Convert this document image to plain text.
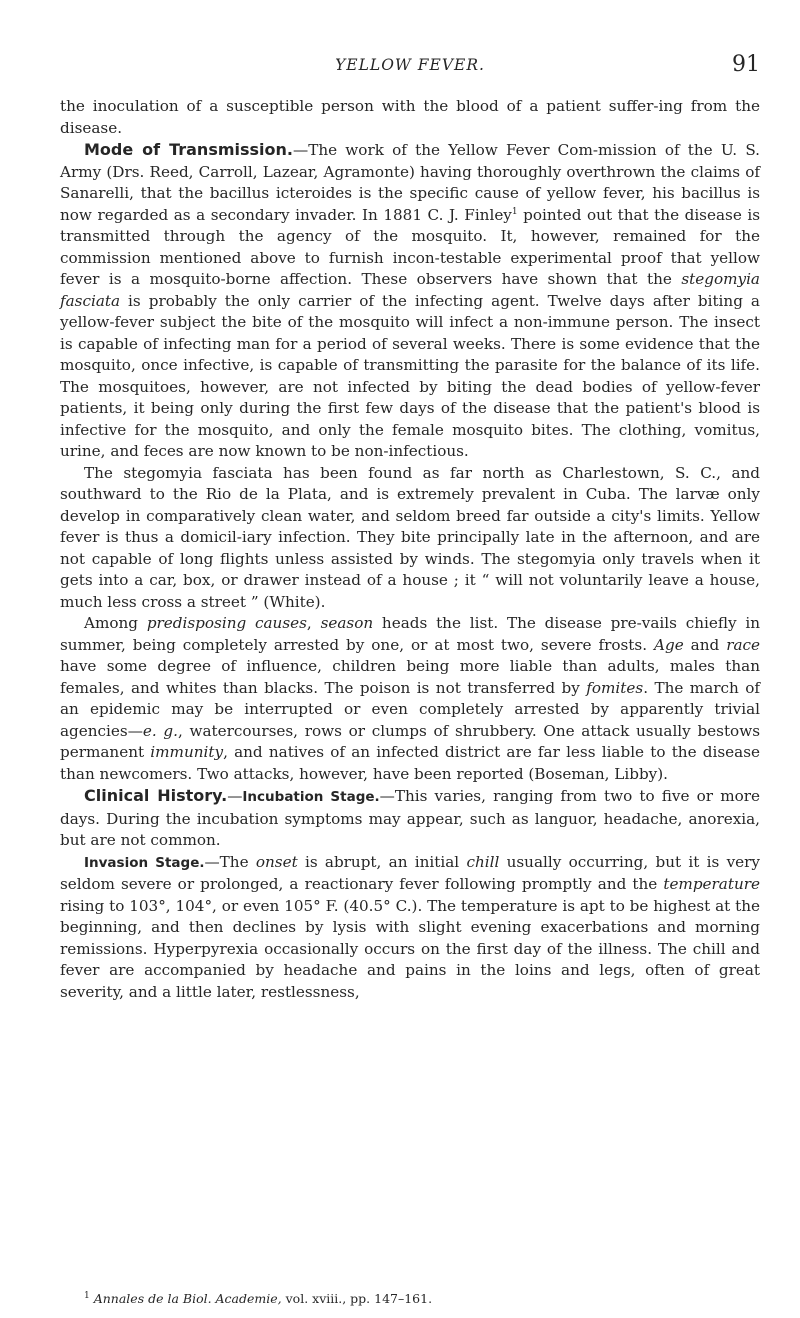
YELLOW FEVER.	91

the inoculation of a susceptible person with the blood of a patient suffer-ing from the disease.

Mode of Transmission.—The work of the Yellow Fever Com-mission of the U. S. Army (Drs. Reed, Carroll, Lazear, Agramonte) having thoroughly overthrown the claims of Sanarelli, that the bacillus icteroides is the specific cause of yellow fever, his bacillus is now regarded as a secondary invader. In 1881 C. J. Finley$^1$ pointed out that the disease is transmitted through the agency of the mosquito. It, however, remained for the commission mentioned above to furnish incon-testable experimental proof that yellow fever is a mosquito-borne affection. These observers have shown that the stegomyia fasciata is probably the only carrier of the infecting agent. Twelve days after biting a yellow-fever subject the bite of the mosquito will infect a non-immune person. The insect is capable of infecting man for a period of several weeks. There is some evidence that the mosquito, once infective, is capable of transmitting the parasite for the balance of its life. The mosquitoes, however, are not infected by biting the dead bodies of yellow-fever patients, it being only during the first few days of the disease that the patient's blood is infective for the mosquito, and only the female mosquito bites. The clothing, vomitus, urine, and feces are now known to be non-infectious.

The stegomyia fasciata has been found as far north as Charlestown, S. C., and southward to the Rio de la Plata, and is extremely prevalent in Cuba. The larvæ only develop in comparatively clean water, and seldom breed far outside a city's limits. Yellow fever is thus a domicil-iary infection. They bite principally late in the afternoon, and are not capable of long flights unless assisted by winds. The stegomyia only travels when it gets into a car, box, or drawer instead of a house ; it “ will not voluntarily leave a house, much less cross a street ” (White).

Among predisposing causes, season heads the list. The disease pre-vails chiefly in summer, being completely arrested by one, or at most two, severe frosts. Age and race have some degree of influence, children being more liable than adults, males than females, and whites than blacks. The poison is not transferred by fomites. The march of an epidemic may be interrupted or even completely arrested by apparently trivial agencies—e. g., watercourses, rows or clumps of shrubbery. One attack usually bestows permanent immunity, and natives of an infected district are far less liable to the disease than newcomers. Two attacks, however, have been reported (Boseman, Libby).

Clinical History.—Incubation Stage.—This varies, ranging from two to five or more days. During the incubation symptoms may appear, such as languor, headache, anorexia, but are not common.

Invasion Stage.—The onset is abrupt, an initial chill usually occurring, but it is very seldom severe or prolonged, a reactionary fever following promptly and the temperature rising to 103°, 104°, or even 105° F. (40.5° C.). The temperature is apt to be highest at the beginning, and then declines by lysis with slight evening exacerbations and morning remissions. Hyperpyrexia occasionally occurs on the first day of the illness. The chill and fever are accompanied by headache and pains in the loins and legs, often of great severity, and a little later, restlessness,

$^1$ Annales de la Biol. Academie, vol. xviii., pp. 147–161.
